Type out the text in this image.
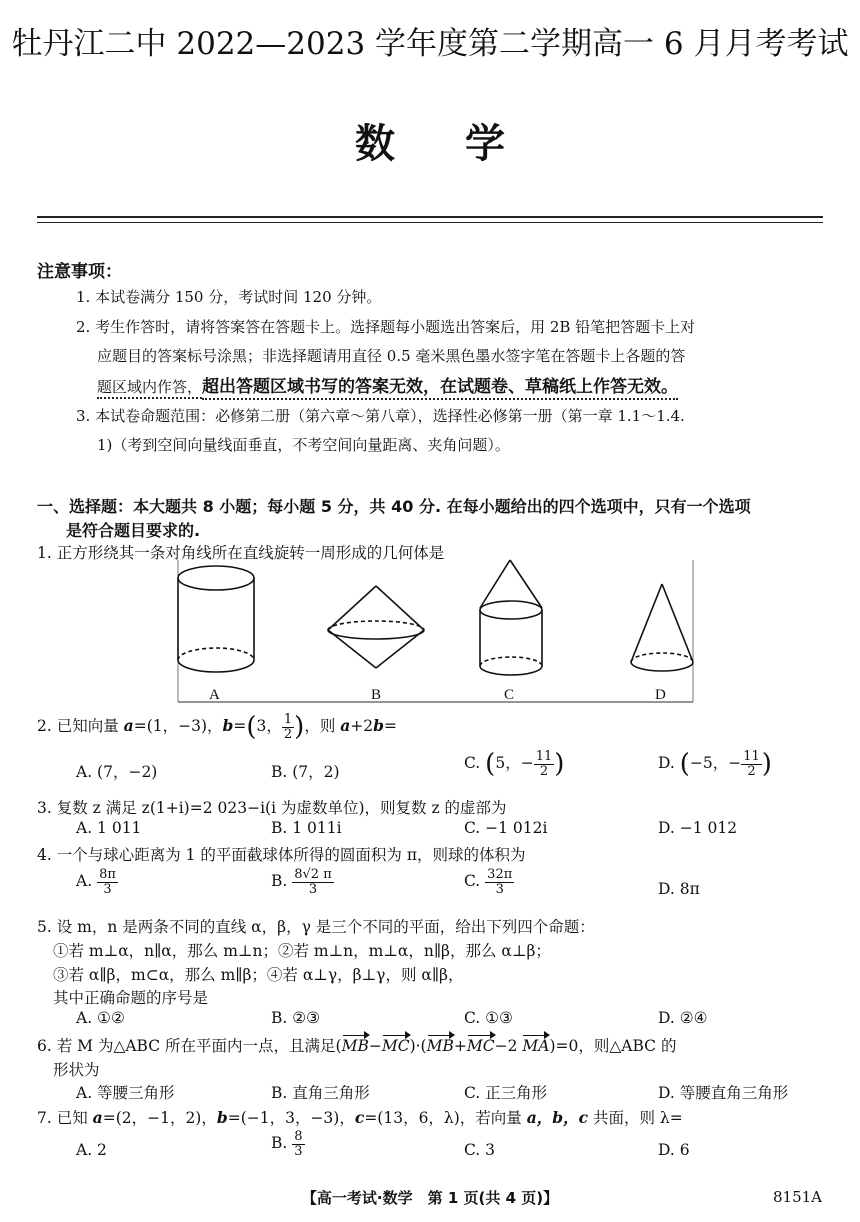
牡丹江二中 2022—2023 学年度第二学期高一 6 月月考考试
数学
注意事项：
1. 本试卷满分 150 分，考试时间 120 分钟。
2. 考生作答时，请将答案答在答题卡上。选择题每小题选出答案后，用 2B 铅笔把答题卡上对
应题目的答案标号涂黑；非选择题请用直径 0.5 毫米黑色墨水签字笔在答题卡上各题的答
题区域内作答，超出答题区域书写的答案无效，在试题卷、草稿纸上作答无效。
3. 本试卷命题范围：必修第二册（第六章～第八章），选择性必修第一册（第一章 1.1～1.4.
1)（考到空间向量线面垂直，不考空间向量距离、夹角问题）。
一、选择题：本大题共 8 小题；每小题 5 分，共 40 分. 在每小题给出的四个选项中，只有一个选项
是符合题目要求的.
1. 正方形绕其一条对角线所在直线旋转一周形成的几何体是
A	B	C	D
2. 已知向量 a=(1，−3)，b=(3， $\frac{1}{2}$ )，则 a+2b=
A. (7，−2)	B. (7，2)	C. (5，− $\frac{11}{2}$ )	D. (−5，− $\frac{11}{2}$ )
3. 复数 z 满足 z(1+i)=2 023−i(i 为虚数单位)，则复数 z 的虚部为
A. 1 011	B. 1 011i	C. −1 012i	D. −1 012
4. 一个与球心距离为 1 的平面截球体所得的圆面积为 π，则球的体积为
A. $\frac{8\pi}{3}$	B. $\frac{8√2 \pi}{3}$	C. $\frac{32\pi}{3}$	D. 8π
5. 设 m，n 是两条不同的直线 α，β，γ 是三个不同的平面，给出下列四个命题：
①若 m⊥α，n∥α，那么 m⊥n；②若 m⊥n，m⊥α，n∥β，那么 α⊥β；
③若 α∥β，m⊂α，那么 m∥β；④若 α⊥γ，β⊥γ，则 α∥β，
其中正确命题的序号是
A. ①②	B. ②③	C. ①③	D. ②④
6. 若 M 为△ABC 所在平面内一点，且满足(MB−MC)·(MB+MC−2 MA)=0，则△ABC 的
形状为
A. 等腰三角形	B. 直角三角形	C. 正三角形	D. 等腰直角三角形
7. 已知 a=(2，−1，2)，b=(−1，3，−3)，c=(13，6，λ)，若向量 a，b，c 共面，则 λ=
A. 2	B. $\frac{8}{3}$	C. 3	D. 6
【高一考试·数学　第 1 页(共 4 页)】	8151A
